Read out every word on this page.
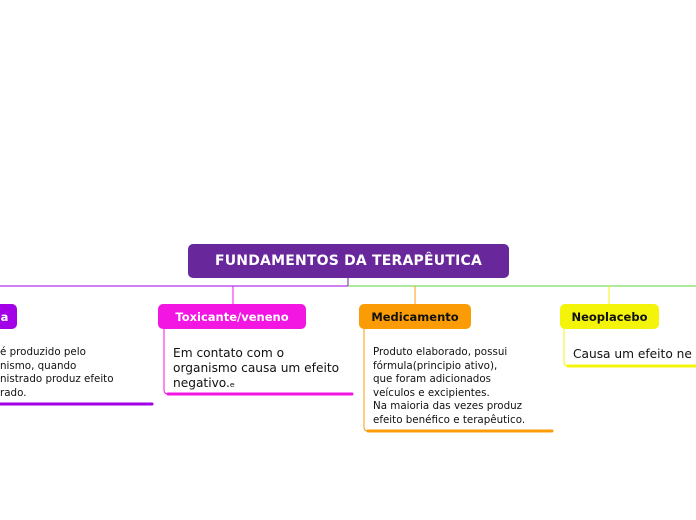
FUNDAMENTOS DA TERAPÊUTICA
a	Toxicante/veneno	Medicamento	Neoplacebo
é produzido pelo
nismo, quando
nistrado produz efeito
rado.
Em contato com o
organismo causa um efeito
negativo.ₑ
Produto elaborado, possui
fórmula(principio ativo),
que foram adicionados
veículos e excipientes.
Na maioria das vezes produz
efeito benéfico e terapêutico.
Causa um efeito ne
